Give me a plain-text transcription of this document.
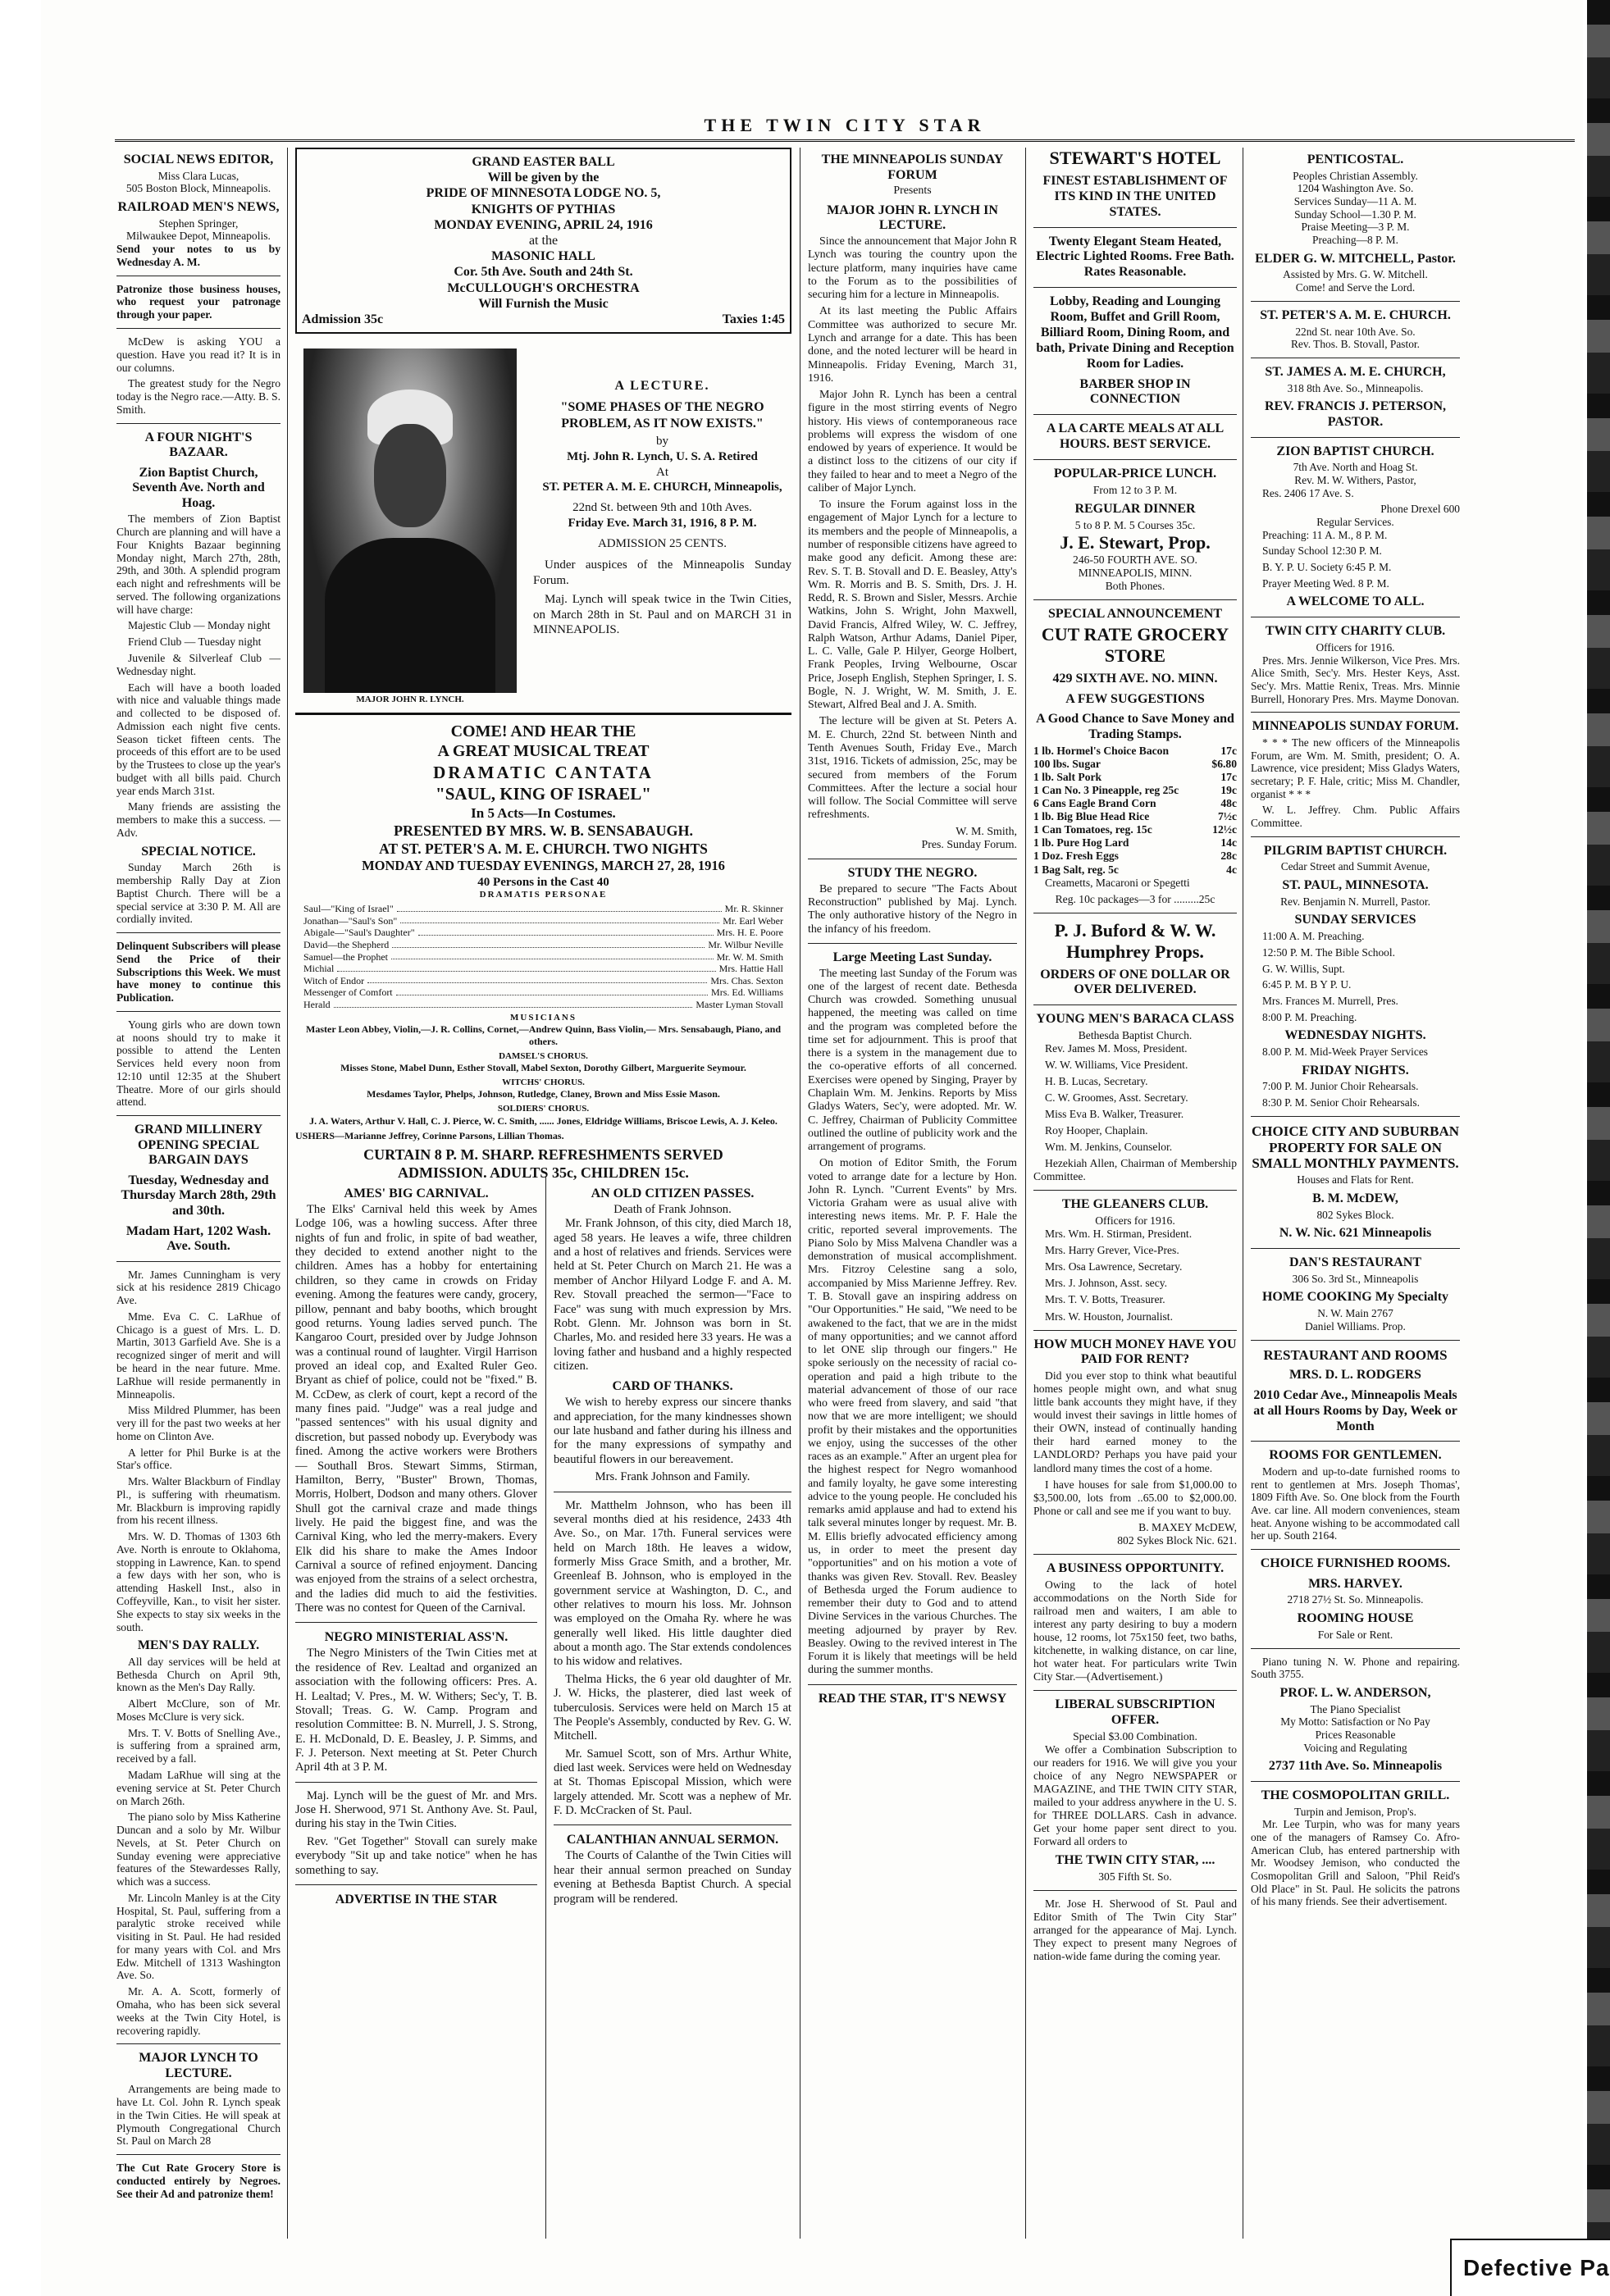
THE TWIN CITY STAR
SOCIAL NEWS EDITOR,
Miss Clara Lucas,
505 Boston Block, Minneapolis.
RAILROAD MEN'S NEWS,
Stephen Springer,
Milwaukee Depot, Minneapolis.
Send your notes to us by Wednesday A. M.
Patronize those business houses, who request your patronage through your paper.

McDew is asking YOU a question. Have you read it? It is in our columns.

The greatest study for the Negro today is the Negro race.—Atty. B. S. Smith.

A FOUR NIGHT'S BAZAAR.
Zion Baptist Church, Seventh Ave. North and Hoag.

The members of Zion Baptist Church are planning and will have a Four Knights Bazaar beginning Monday night, March 27th, 28th, 29th, and 30th. A splendid program each night and refreshments will be served. The following organizations will have charge:

Majestic Club — Monday night

Friend Club — Tuesday night

Juvenile & Silverleaf Club — Wednesday night.

Each will have a booth loaded with nice and valuable things made and collected to be disposed of. Admission each night five cents. Season ticket fifteen cents. The proceeds of this effort are to be used by the Trustees to close up the year's budget with all bills paid. Church year ends March 31st.

Many friends are assisting the members to make this a success. —Adv.

SPECIAL NOTICE.

Sunday March 26th is membership Rally Day at Zion Baptist Church. There will be a special service at 3:30 P. M. All are cordially invited.

Delinquent Subscribers will please Send the Price of their Subscriptions this Week. We must have money to continue this Publication.

Young girls who are down town at noons should try to make it possible to attend the Lenten Services held every noon from 12:10 until 12:35 at the Shubert Theatre. More of our girls should attend.

GRAND MILLINERY OPENING SPECIAL BARGAIN DAYS
Tuesday, Wednesday and Thursday March 28th, 29th and 30th.
Madam Hart, 1202 Wash. Ave. South.

Mr. James Cunningham is very sick at his residence 2819 Chicago Ave.

Mme. Eva C. C. LaRhue of Chicago is a guest of Mrs. L. D. Martin, 3013 Garfield Ave. She is a recognized singer of merit and will be heard in the near future. Mme. LaRhue will reside permanently in Minneapolis.

Miss Mildred Plummer, has been very ill for the past two weeks at her home on Clinton Ave.

A letter for Phil Burke is at the Star's office.

Mrs. Walter Blackburn of Findlay Pl., is suffering with rheumatism. Mr. Blackburn is improving rapidly from his recent illness.

Mrs. W. D. Thomas of 1303 6th Ave. North is enroute to Oklahoma, stopping in Lawrence, Kan. to spend a few days with her son, who is attending Haskell Inst., also in Coffeyville, Kan., to visit her sister. She expects to stay six weeks in the south.

MEN'S DAY RALLY.

All day services will be held at Bethesda Church on April 9th, known as the Men's Day Rally.

Albert McClure, son of Mr. Moses McClure is very sick.

Mrs. T. V. Botts of Snelling Ave., is suffering from a sprained arm, received by a fall.

Madam LaRhue will sing at the evening service at St. Peter Church on March 26th.

The piano solo by Miss Katherine Duncan and a solo by Mr. Wilbur Nevels, at St. Peter Church on Sunday evening were appreciative features of the Stewardesses Rally, which was a success.

Mr. Lincoln Manley is at the City Hospital, St. Paul, suffering from a paralytic stroke received while visiting in St. Paul. He had resided for many years with Col. and Mrs Edw. Mitchell of 1313 Washington Ave. So.

Mr. A. A. Scott, formerly of Omaha, who has been sick several weeks at the Twin City Hotel, is recovering rapidly.

MAJOR LYNCH TO LECTURE.

Arrangements are being made to have Lt. Col. John R. Lynch speak in the Twin Cities. He will speak at Plymouth Congregational Church St. Paul on March 28

The Cut Rate Grocery Store is conducted entirely by Negroes. See their Ad and patronize them!
GRAND EASTER BALL
Will be given by the
PRIDE OF MINNESOTA LODGE NO. 5,
KNIGHTS OF PYTHIAS
MONDAY EVENING, APRIL 24, 1916
at the
MASONIC HALL
Cor. 5th Ave. South and 24th St.
McCULLOUGH'S ORCHESTRA
Will Furnish the Music
Admission 35c	Taxies 1:45
MAJOR JOHN R. LYNCH.
A LECTURE.
"SOME PHASES OF THE NEGRO PROBLEM, AS IT NOW EXISTS."
by
Mtj. John R. Lynch, U. S. A. Retired
At
ST. PETER A. M. E. CHURCH, Minneapolis,
22nd St. between 9th and 10th Aves.
Friday Eve. March 31, 1916, 8 P. M.
ADMISSION 25 CENTS.

Under auspices of the Minneapolis Sunday Forum.

Maj. Lynch will speak twice in the Twin Cities, on March 28th in St. Paul and on MARCH 31 in MINNEAPOLIS.

COME! AND HEAR THE
A GREAT MUSICAL TREAT
DRAMATIC CANTATA
"SAUL, KING OF ISRAEL"
In 5 Acts—In Costumes.
PRESENTED BY MRS. W. B. SENSABAUGH.
AT ST. PETER'S A. M. E. CHURCH. TWO NIGHTS
MONDAY AND TUESDAY EVENINGS, MARCH 27, 28, 1916
40 Persons in the Cast 40
DRAMATIS PERSONAE
Saul—"King of Israel"	Mr. R. Skinner
Jonathan—"Saul's Son"	Mr. Earl Weber
Abigale—"Saul's Daughter"	Mrs. H. E. Poore
David—the Shepherd	Mr. Wilbur Neville
Samuel—the Prophet	Mr. W. M. Smith
Michial	Mrs. Hattie Hall
Witch of Endor	Mrs. Chas. Sexton
Messenger of Comfort	Mrs. Ed. Williams
Herald	Master Lyman Stovall
MUSICIANS
Master Leon Abbey, Violin,—J. R. Collins, Cornet,—Andrew Quinn, Bass Violin,— Mrs. Sensabaugh, Piano, and others.
DAMSEL'S CHORUS.
Misses Stone, Mabel Dunn, Esther Stovall, Mabel Sexton, Dorothy Gilbert, Marguerite Seymour.
WITCHS' CHORUS.
Mesdames Taylor, Phelps, Johnson, Rutledge, Claney, Brown and Miss Essie Mason.
SOLDIERS' CHORUS.
J. A. Waters, Arthur V. Hall, C. J. Pierce, W. C. Smith, ...... Jones, Eldridge Williams, Briscoe Lewis, A. J. Keleo.
USHERS—Marianne Jeffrey, Corinne Parsons, Lillian Thomas.
CURTAIN 8 P. M. SHARP. REFRESHMENTS SERVED
ADMISSION. ADULTS 35c, CHILDREN 15c.
AMES' BIG CARNIVAL.

The Elks' Carnival held this week by Ames Lodge 106, was a howling success. After three nights of fun and frolic, in spite of bad weather, they decided to extend another night to the children. Ames has a hobby for entertaining children, so they came in crowds on Friday evening. Among the features were candy, grocery, pillow, pennant and baby booths, which brought good returns. Young ladies served punch. The Kangaroo Court, presided over by Judge Johnson was a continual round of laughter. Virgil Harrison proved an ideal cop, and Exalted Ruler Geo. Bryant as chief of police, could not be "fixed." B. M. CcDew, as clerk of court, kept a record of the many fines paid. "Judge" was a real judge and "passed sentences" with his usual dignity and discretion, but passed nobody up. Everybody was fined. Among the active workers were Brothers — Southall Bros. Stewart Simms, Stirman, Hamilton, Berry, "Buster" Brown, Thomas, Morris, Holbert, Dodson and many others. Glover Shull got the carnival craze and made things lively. He paid the biggest fine, and was the Carnival King, who led the merry-makers. Every Elk did his share to make the Ames Indoor Carnival a source of refined enjoyment. Dancing was enjoyed from the strains of a select orchestra, and the ladies did much to aid the festivities. There was no contest for Queen of the Carnival.

NEGRO MINISTERIAL ASS'N.

The Negro Ministers of the Twin Cities met at the residence of Rev. Lealtad and organized an association with the following officers: Pres. A. H. Lealtad; V. Pres., M. W. Withers; Sec'y, T. B. Stovall; Treas. G. W. Camp. Program and resolution Committee: B. N. Murrell, J. S. Strong, E. H. McDonald, D. E. Beasley, J. P. Simms, and F. J. Peterson. Next meeting at St. Peter Church April 4th at 3 P. M.

Maj. Lynch will be the guest of Mr. and Mrs. Jose H. Sherwood, 971 St. Anthony Ave. St. Paul, during his stay in the Twin Cities.

Rev. "Get Together" Stovall can surely make everybody "Sit up and take notice" when he has something to say.

ADVERTISE IN THE STAR
AN OLD CITIZEN PASSES.
Death of Frank Johnson.

Mr. Frank Johnson, of this city, died March 18, aged 58 years. He leaves a wife, three children and a host of relatives and friends. Services were held at St. Peter Church on March 21. He was a member of Anchor Hilyard Lodge F. and A. M. Rev. Stovall preached the sermon—"Face to Face" was sung with much expression by Mrs. Robt. Glenn. Mr. Johnson was born in St. Charles, Mo. and resided here 33 years. He was a loving father and husband and a highly respected citizen.

CARD OF THANKS.

We wish to hereby express our sincere thanks and appreciation, for the many kindnesses shown our late husband and father during his illness and for the many expressions of sympathy and beautiful flowers in our bereavement.

Mrs. Frank Johnson and Family.

Mr. Matthelm Johnson, who has been ill several months died at his residence, 2433 4th Ave. So., on Mar. 17th. Funeral services were held on March 18th. He leaves a widow, formerly Miss Grace Smith, and a brother, Mr. Greenleaf B. Johnson, who is employed in the government service at Washington, D. C., and other relatives to mourn his loss. Mr. Johnson was employed on the Omaha Ry. where he was generally well liked. His little daughter died about a month ago. The Star extends condolences to his widow and relatives.

Thelma Hicks, the 6 year old daughter of Mr. J. W. Hicks, the plasterer, died last week of tuberculosis. Services were held on March 15 at The People's Assembly, conducted by Rev. G. W. Mitchell.

Mr. Samuel Scott, son of Mrs. Arthur White, died last week. Services were held on Wednesday at St. Thomas Episcopal Mission, which were largely attended. Mr. Scott was a nephew of Mr. F. D. McCracken of St. Paul.

CALANTHIAN ANNUAL SERMON.

The Courts of Calanthe of the Twin Cities will hear their annual sermon preached on Sunday evening at Bethesda Baptist Church. A special program will be rendered.

THE MINNEAPOLIS SUNDAY FORUM
Presents
MAJOR JOHN R. LYNCH IN LECTURE.

Since the announcement that Major John R Lynch was touring the country upon the lecture platform, many inquiries have came to the Forum as to the possibilities of securing him for a lecture in Minneapolis.

At its last meeting the Public Affairs Committee was authorized to secure Mr. Lynch and arrange for a date. This has been done, and the noted lecturer will be heard in Minneapolis. Friday Evening, March 31, 1916.

Major John R. Lynch has been a central figure in the most stirring events of Negro history. His views of contemporaneous race problems will express the wisdom of one endowed by years of experience. It would be a distinct loss to the citizens of our city if they failed to hear and to meet a Negro of the caliber of Major Lynch.

To insure the Forum against loss in the engagement of Major Lynch for a lecture to its members and the people of Minneapolis, a number of responsible citizens have agreed to make good any deficit. Among these are: Rev. S. T. B. Stovall and D. E. Beasley, Atty's Wm. R. Morris and B. S. Smith, Drs. J. H. Redd, R. S. Brown and Sisler, Messrs. Archie Watkins, John S. Wright, John Maxwell, David Francis, Alfred Wiley, W. C. Jeffrey, Ralph Watson, Arthur Adams, Daniel Piper, L. C. Valle, Gale P. Hilyer, George Holbert, Frank Peoples, Irving Welbourne, Oscar Price, Joseph English, Stephen Springer, I. S. Bogle, N. J. Wright, W. M. Smith, J. E. Stewart, Alfred Beal and J. A. Smith.

The lecture will be given at St. Peters A. M. E. Church, 22nd St. between Ninth and Tenth Avenues South, Friday Eve., March 31st, 1916. Tickets of admission, 25c, may be secured from members of the Forum Committees. After the lecture a social hour will follow. The Social Committee will serve refreshments.

W. M. Smith,
Pres. Sunday Forum.
STUDY THE NEGRO.

Be prepared to secure "The Facts About Reconstruction" published by Maj. Lynch. The only authorative history of the Negro in the infancy of his freedom.

Large Meeting Last Sunday.

The meeting last Sunday of the Forum was one of the largest of recent date. Bethesda Church was crowded. Something unusual happened, the meeting was called on time and the program was completed before the time set for adjournment. This is proof that there is a system in the management due to the co-operative efforts of all concerned. Exercises were opened by Singing, Prayer by Chaplain Wm. M. Jenkins. Reports by Miss Gladys Waters, Sec'y, were adopted. Mr. W. C. Jeffrey, Chairman of Publicity Committee outlined the outline of publicity work and the arrangement of programs.

On motion of Editor Smith, the Forum voted to arrange date for a lecture by Hon. John R. Lynch. "Current Events" by Mrs. Victoria Graham were as usual alive with interesting news items. Mr. P. F. Hale the critic, reported several improvements. The Piano Solo by Miss Malvena Chandler was a demonstration of musical accomplishment. Mrs. Fitzroy Celestine sang a solo, accompanied by Miss Marienne Jeffrey. Rev. T. B. Stovall gave an inspiring address on "Our Opportunities." He said, "We need to be awakened to the fact, that we are in the midst of many opportunities; and we cannot afford to let ONE slip through our fingers." He spoke seriously on the necessity of racial co-operation and paid a high tribute to the material advancement of those of our race who were freed from slavery, and said "that now that we are more intelligent; we should profit by their mistakes and the opportunities we enjoy, using the successes of the other races as an example." After an urgent plea for the highest respect for Negro womanhood and family loyalty, he gave some interesting advice to the young people. He concluded his remarks amid applause and had to extend his talk several minutes longer by request. Mr. B. M. Ellis briefly advocated efficiency among us, in order to meet the present day "opportunities" and on his motion a vote of thanks was given Rev. Stovall. Rev. Beasley of Bethesda urged the Forum audience to remember their duty to God and to attend Divine Services in the various Churches. The meeting adjourned by prayer by Rev. Beasley. Owing to the revived interest in The Forum it is likely that meetings will be held during the summer months.

READ THE STAR, IT'S NEWSY
STEWART'S HOTEL
FINEST ESTABLISHMENT OF ITS KIND IN THE UNITED STATES.
Twenty Elegant Steam Heated, Electric Lighted Rooms. Free Bath. Rates Reasonable.
Lobby, Reading and Lounging Room, Buffet and Grill Room, Billiard Room, Dining Room, and bath, Private Dining and Reception Room for Ladies.
BARBER SHOP IN CONNECTION
A LA CARTE MEALS AT ALL HOURS. BEST SERVICE.
POPULAR-PRICE LUNCH.
From 12 to 3 P. M.
REGULAR DINNER
5 to 8 P. M. 5 Courses 35c.
J. E. Stewart, Prop.
246-50 FOURTH AVE. SO.
MINNEAPOLIS, MINN.
Both Phones.
SPECIAL ANNOUNCEMENT
CUT RATE GROCERY STORE
429 SIXTH AVE. NO. MINN.
A FEW SUGGESTIONS
A Good Chance to Save Money and Trading Stamps.
1 lb. Hormel's Choice Bacon	17c
100 lbs. Sugar	$6.80
1 lb. Salt Pork	17c
1 Can No. 3 Pineapple, reg 25c	19c
6 Cans Eagle Brand Corn	48c
1 lb. Big Blue Head Rice	7½c
1 Can Tomatoes, reg. 15c	12½c
1 lb. Pure Hog Lard	14c
1 Doz. Fresh Eggs	28c
1 Bag Salt, reg. 5c	4c

Creametts, Macaroni or Spegetti

Reg. 10c packages—3 for .........25c
P. J. Buford & W. W. Humphrey Props.
ORDERS OF ONE DOLLAR OR OVER DELIVERED.
YOUNG MEN'S BARACA CLASS
Bethesda Baptist Church.

Rev. James M. Moss, President.

W. W. Williams, Vice President.

H. B. Lucas, Secretary.

C. W. Groomes, Asst. Secretary.

Miss Eva B. Walker, Treasurer.

Roy Hooper, Chaplain.

Wm. M. Jenkins, Counselor.

Hezekiah Allen, Chairman of Membership Committee.

THE GLEANERS CLUB.
Officers for 1916.

Mrs. Wm. H. Stirman, President.

Mrs. Harry Grever, Vice-Pres.

Mrs. Osa Lawrence, Secretary.

Mrs. J. Johnson, Asst. secy.

Mrs. T. V. Botts, Treasurer.

Mrs. W. Houston, Journalist.

HOW MUCH MONEY HAVE YOU PAID FOR RENT?

Did you ever stop to think what beautiful homes people might own, and what snug little bank accounts they might have, if they would invest their savings in little homes of their OWN, instead of continually handing their hard earned money to the LANDLORD? Perhaps you have paid your landlord many times the cost of a home.

I have houses for sale from $1,000.00 to $3,500.00, lots from ..65.00 to $2,000.00. Phone or call and see me if you want to buy.

B. MAXEY McDEW,
802 Sykes Block Nic. 621.
A BUSINESS OPPORTUNITY.

Owing to the lack of hotel accommodations on the North Side for railroad men and waiters, I am able to interest any party desiring to buy a modern house, 12 rooms, lot 75x150 feet, two baths, kitchenette, in walking distance, on car line, hot water heat. For particulars write Twin City Star.—(Advertisement.)

LIBERAL SUBSCRIPTION OFFER.
Special $3.00 Combination.

We offer a Combination Subscription to our readers for 1916. We will give you your choice of any Negro NEWSPAPER or MAGAZINE, and THE TWIN CITY STAR, mailed to your address anywhere in the U. S. for THREE DOLLARS. Cash in advance. Get your home paper sent direct to you. Forward all orders to

THE TWIN CITY STAR, ....
305 Fifth St. So.

Mr. Jose H. Sherwood of St. Paul and Editor Smith of The Twin City Star" arranged for the appearance of Maj. Lynch. They expect to present many Negroes of nation-wide fame during the coming year.

PENTICOSTAL.
Peoples Christian Assembly.
1204 Washington Ave. So.
Services Sunday—11 A. M.
Sunday School—1.30 P. M.
Praise Meeting—3 P. M.
Preaching—8 P. M.
ELDER G. W. MITCHELL, Pastor.
Assisted by Mrs. G. W. Mitchell.
Come! and Serve the Lord.
ST. PETER'S A. M. E. CHURCH.
22nd St. near 10th Ave. So.
Rev. Thos. B. Stovall, Pastor.
ST. JAMES A. M. E. CHURCH,
318 8th Ave. So., Minneapolis.
REV. FRANCIS J. PETERSON, PASTOR.
ZION BAPTIST CHURCH.
7th Ave. North and Hoag St.
Rev. M. W. Withers, Pastor,

Res. 2406 17 Ave. S.

Phone Drexel 600
Regular Services.

Preaching: 11 A. M., 8 P. M.

Sunday School 12:30 P. M.

B. Y. P. U. Society 6:45 P. M.

Prayer Meeting Wed. 8 P. M.

A WELCOME TO ALL.
TWIN CITY CHARITY CLUB.
Officers for 1916.

Pres. Mrs. Jennie Wilkerson, Vice Pres. Mrs. Alice Smith, Sec'y. Mrs. Hester Keys, Asst. Sec'y. Mrs. Mattie Renix, Treas. Mrs. Minnie Burrell, Honorary Pres. Mrs. Mayme Donovan.

MINNEAPOLIS SUNDAY FORUM.

* * * The new officers of the Minneapolis Forum, are Wm. M. Smith, president; O. A. Lawrence, vice president; Miss Gladys Waters, secretary; P. F. Hale, critic; Miss M. Chandler, organist * * *

W. L. Jeffrey. Chm. Public Affairs Committee.

PILGRIM BAPTIST CHURCH.
Cedar Street and Summit Avenue,
ST. PAUL, MINNESOTA.
Rev. Benjamin N. Murrell, Pastor.
SUNDAY SERVICES

11:00 A. M. Preaching.

12:50 P. M. The Bible School.

G. W. Willis, Supt.

6:45 P. M. B Y P. U.

Mrs. Frances M. Murrell, Pres.

8:00 P. M. Preaching.

WEDNESDAY NIGHTS.

8.00 P. M. Mid-Week Prayer Services

FRIDAY NIGHTS.

7:00 P. M. Junior Choir Rehearsals.

8:30 P. M. Senior Choir Rehearsals.

CHOICE CITY AND SUBURBAN PROPERTY FOR SALE ON SMALL MONTHLY PAYMENTS.
Houses and Flats for Rent.
B. M. McDEW,
802 Sykes Block.
N. W. Nic. 621 Minneapolis
DAN'S RESTAURANT
306 So. 3rd St., Minneapolis
HOME COOKING My Specialty
N. W. Main 2767
Daniel Williams. Prop.
RESTAURANT AND ROOMS
MRS. D. L. RODGERS
2010 Cedar Ave., Minneapolis Meals at all Hours Rooms by Day, Week or Month
ROOMS FOR GENTLEMEN.

Modern and up-to-date furnished rooms to rent to gentlemen at Mrs. Joseph Thomas', 1809 Fifth Ave. So. One block from the Fourth Ave. car line. All modern conveniences, steam heat. Anyone wishing to be accommodated call her up. South 2164.

CHOICE FURNISHED ROOMS.
MRS. HARVEY.
2718 27½ St. So. Minneapolis.
ROOMING HOUSE
For Sale or Rent.

Piano tuning N. W. Phone and repairing. South 3755.

PROF. L. W. ANDERSON,
The Piano Specialist
My Motto: Satisfaction or No Pay
Prices Reasonable
Voicing and Regulating
2737 11th Ave. So. Minneapolis
THE COSMOPOLITAN GRILL.
Turpin and Jemison, Prop's.

Mr. Lee Turpin, who was for many years one of the managers of Ramsey Co. Afro-American Club, has entered partnership with Mr. Woodsey Jemison, who conducted the Cosmopolitan Grill and Saloon, "Phil Reid's Old Place" in St. Paul. He solicits the patrons of his many friends. See their advertisement.

Defective Pa
